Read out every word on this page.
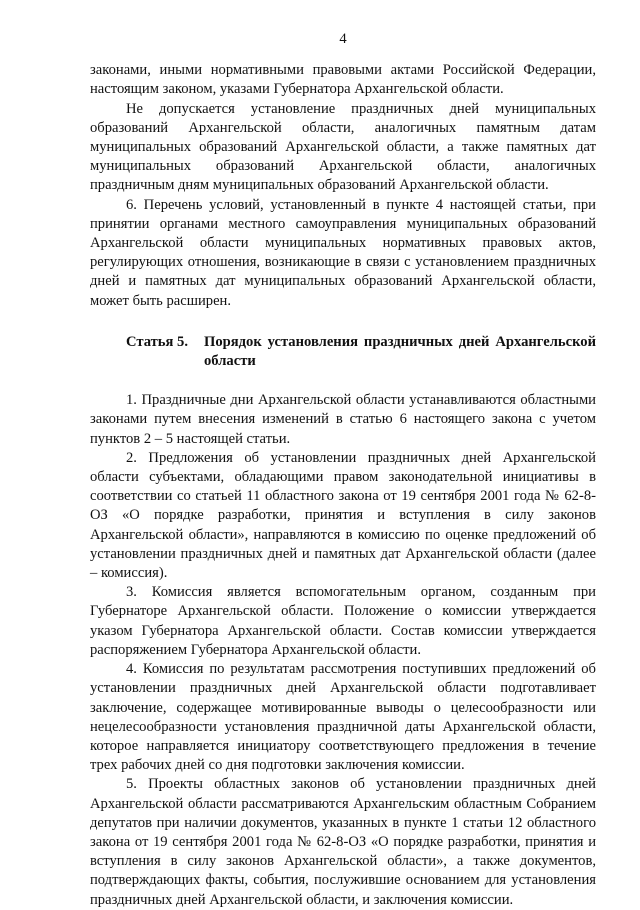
4

законами, иными нормативными правовыми актами Российской Федерации, настоящим законом, указами Губернатора Архангельской области.

Не допускается установление праздничных дней муниципальных образований Архангельской области, аналогичных памятным датам муниципальных образований Архангельской области, а также памятных дат муниципальных образований Архангельской области, аналогичных праздничным дням муниципальных образований Архангельской области.

6. Перечень условий, установленный в пункте 4 настоящей статьи, при принятии органами местного самоуправления муниципальных образований Архангельской области муниципальных нормативных правовых актов, регулирующих отношения, возникающие в связи с установлением праздничных дней и памятных дат муниципальных образований Архангельской области, может быть расширен.

Статья 5.	Порядок установления праздничных дней Архангельской области

1. Праздничные дни Архангельской области устанавливаются областными законами путем внесения изменений в статью 6 настоящего закона с учетом пунктов 2 – 5 настоящей статьи.

2. Предложения об установлении праздничных дней Архангельской области субъектами, обладающими правом законодательной инициативы в соответствии со статьей 11 областного закона от 19 сентября 2001 года № 62-8-ОЗ «О порядке разработки, принятия и вступления в силу законов Архангельской области», направляются в комиссию по оценке предложений об установлении праздничных дней и памятных дат Архангельской области (далее – комиссия).

3. Комиссия является вспомогательным органом, созданным при Губернаторе Архангельской области. Положение о комиссии утверждается указом Губернатора Архангельской области. Состав комиссии утверждается распоряжением Губернатора Архангельской области.

4. Комиссия по результатам рассмотрения поступивших предложений об установлении праздничных дней Архангельской области подготавливает заключение, содержащее мотивированные выводы о целесообразности или нецелесообразности установления праздничной даты Архангельской области, которое направляется инициатору соответствующего предложения в течение трех рабочих дней со дня подготовки заключения комиссии.

5. Проекты областных законов об установлении праздничных дней Архангельской области рассматриваются Архангельским областным Собранием депутатов при наличии документов, указанных в пункте 1 статьи 12 областного закона от 19 сентября 2001 года № 62-8-ОЗ «О порядке разработки, принятия и вступления в силу законов Архангельской области», а также документов, подтверждающих факты, события, послужившие основанием для установления праздничных дней Архангельской области, и заключения комиссии.
